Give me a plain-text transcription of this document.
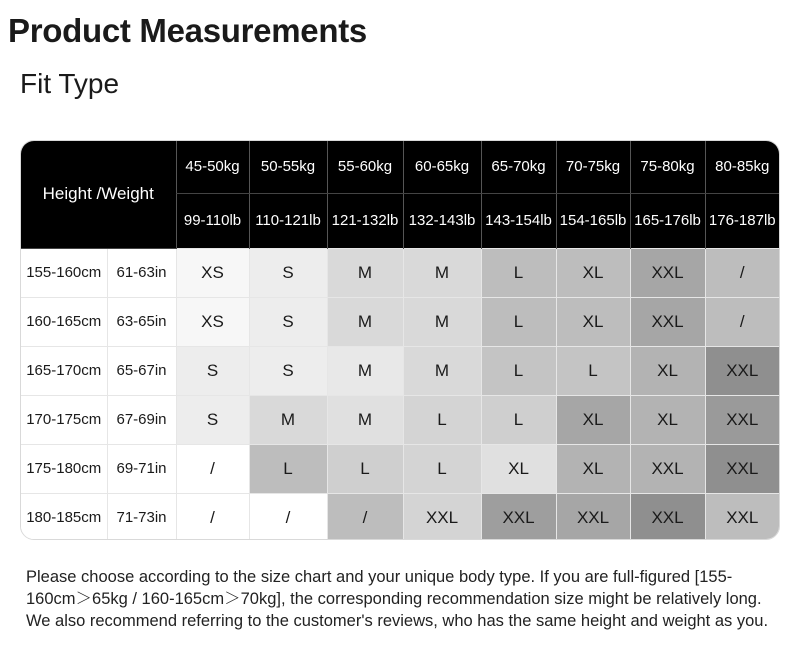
Product Measurements
Fit Type
Height /Weight		45-50kg	50-55kg	55-60kg	60-65kg	65-70kg	70-75kg	75-80kg	80-85kg
		99-110lb	110-121lb	121-132lb	132-143lb	143-154lb	154-165lb	165-176lb	176-187lb
155-160cm	61-63in	XS	S	M	M	L	XL	XXL	/
160-165cm	63-65in	XS	S	M	M	L	XL	XXL	/
165-170cm	65-67in	S	S	M	M	L	L	XL	XXL
170-175cm	67-69in	S	M	M	L	L	XL	XL	XXL
175-180cm	69-71in	/	L	L	L	XL	XL	XXL	XXL
180-185cm	71-73in	/	/	/	XXL	XXL	XXL	XXL	XXL
Please choose according to the size chart and your unique body type. If you are full-figured [155-160cm＞65kg / 160-165cm＞70kg], the corresponding recommendation size might be relatively long. We also recommend referring to the customer's reviews, who has the same height and weight as you.
